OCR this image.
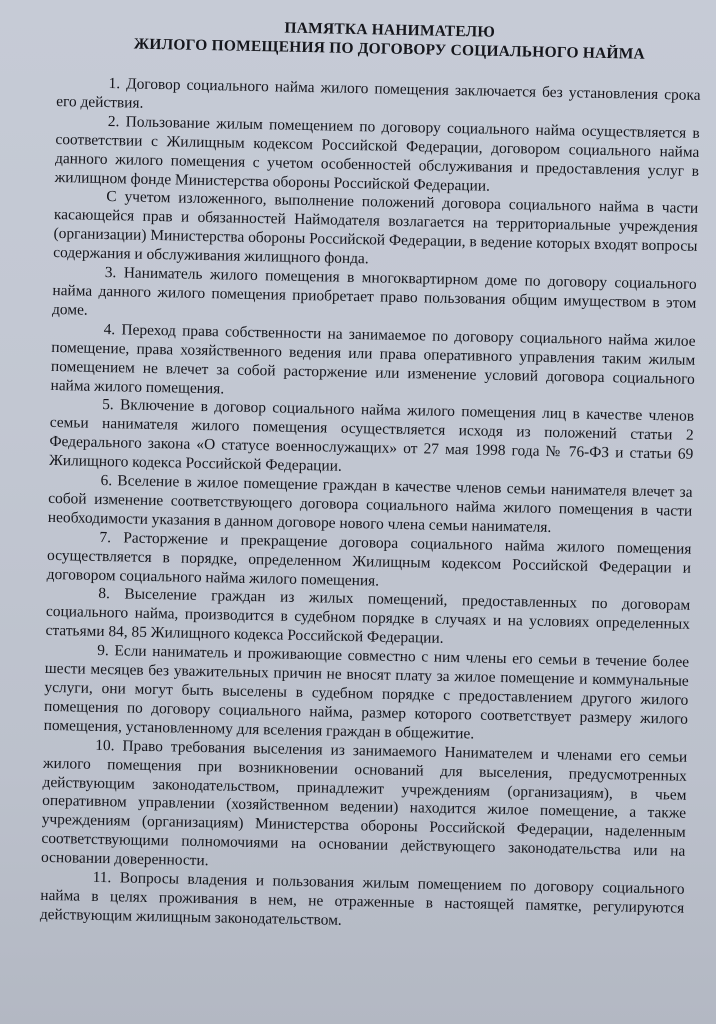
ПАМЯТКА НАНИМАТЕЛЮ
ЖИЛОГО ПОМЕЩЕНИЯ ПО ДОГОВОРУ СОЦИАЛЬНОГО НАЙМА

1. Договор социального найма жилого помещения заключается без установления срока его действия.

2. Пользование жилым помещением по договору социального найма осуществляется в соответствии с Жилищным кодексом Российской Федерации, договором социального найма данного жилого помещения с учетом особенностей обслуживания и предоставления услуг в жилищном фонде Министерства обороны Российской Федерации.

С учетом изложенного, выполнение положений договора социального найма в части касающейся прав и обязанностей Наймодателя возлагается на территориальные учреждения (организации) Министерства обороны Российской Федерации, в ведение которых входят вопросы содержания и обслуживания жилищного фонда.

3. Наниматель жилого помещения в многоквартирном доме по договору социального найма данного жилого помещения приобретает право пользования общим имуществом в этом доме.

4. Переход права собственности на занимаемое по договору социального найма жилое помещение, права хозяйственного ведения или права оперативного управления таким жилым помещением не влечет за собой расторжение или изменение условий договора социального найма жилого помещения.

5. Включение в договор социального найма жилого помещения лиц в качестве членов семьи нанимателя жилого помещения осуществляется исходя из положений статьи 2 Федерального закона «О статусе военнослужащих» от 27 мая 1998 года № 76-ФЗ и статьи 69 Жилищного кодекса Российской Федерации.

6. Вселение в жилое помещение граждан в качестве членов семьи нанимателя влечет за собой изменение соответствующего договора социального найма жилого помещения в части необходимости указания в данном договоре нового члена семьи нанимателя.

7. Расторжение и прекращение договора социального найма жилого помещения осуществляется в порядке, определенном Жилищным кодексом Российской Федерации и договором социального найма жилого помещения.

8. Выселение граждан из жилых помещений, предоставленных по договорам социального найма, производится в судебном порядке в случаях и на условиях определенных статьями 84, 85 Жилищного кодекса Российской Федерации.

9. Если наниматель и проживающие совместно с ним члены его семьи в течение более шести месяцев без уважительных причин не вносят плату за жилое помещение и коммунальные услуги, они могут быть выселены в судебном порядке с предоставлением другого жилого помещения по договору социального найма, размер которого соответствует размеру жилого помещения, установленному для вселения граждан в общежитие.

10. Право требования выселения из занимаемого Нанимателем и членами его семьи жилого помещения при возникновении оснований для выселения, предусмотренных действующим законодательством, принадлежит учреждениям (организациям), в чьем оперативном управлении (хозяйственном ведении) находится жилое помещение, а также учреждениям (организациям) Министерства обороны Российской Федерации, наделенным соответствующими полномочиями на основании действующего законодательства или на основании доверенности.

11. Вопросы владения и пользования жилым помещением по договору социального найма в целях проживания в нем, не отраженные в настоящей памятке, регулируются действующим жилищным законодательством.
